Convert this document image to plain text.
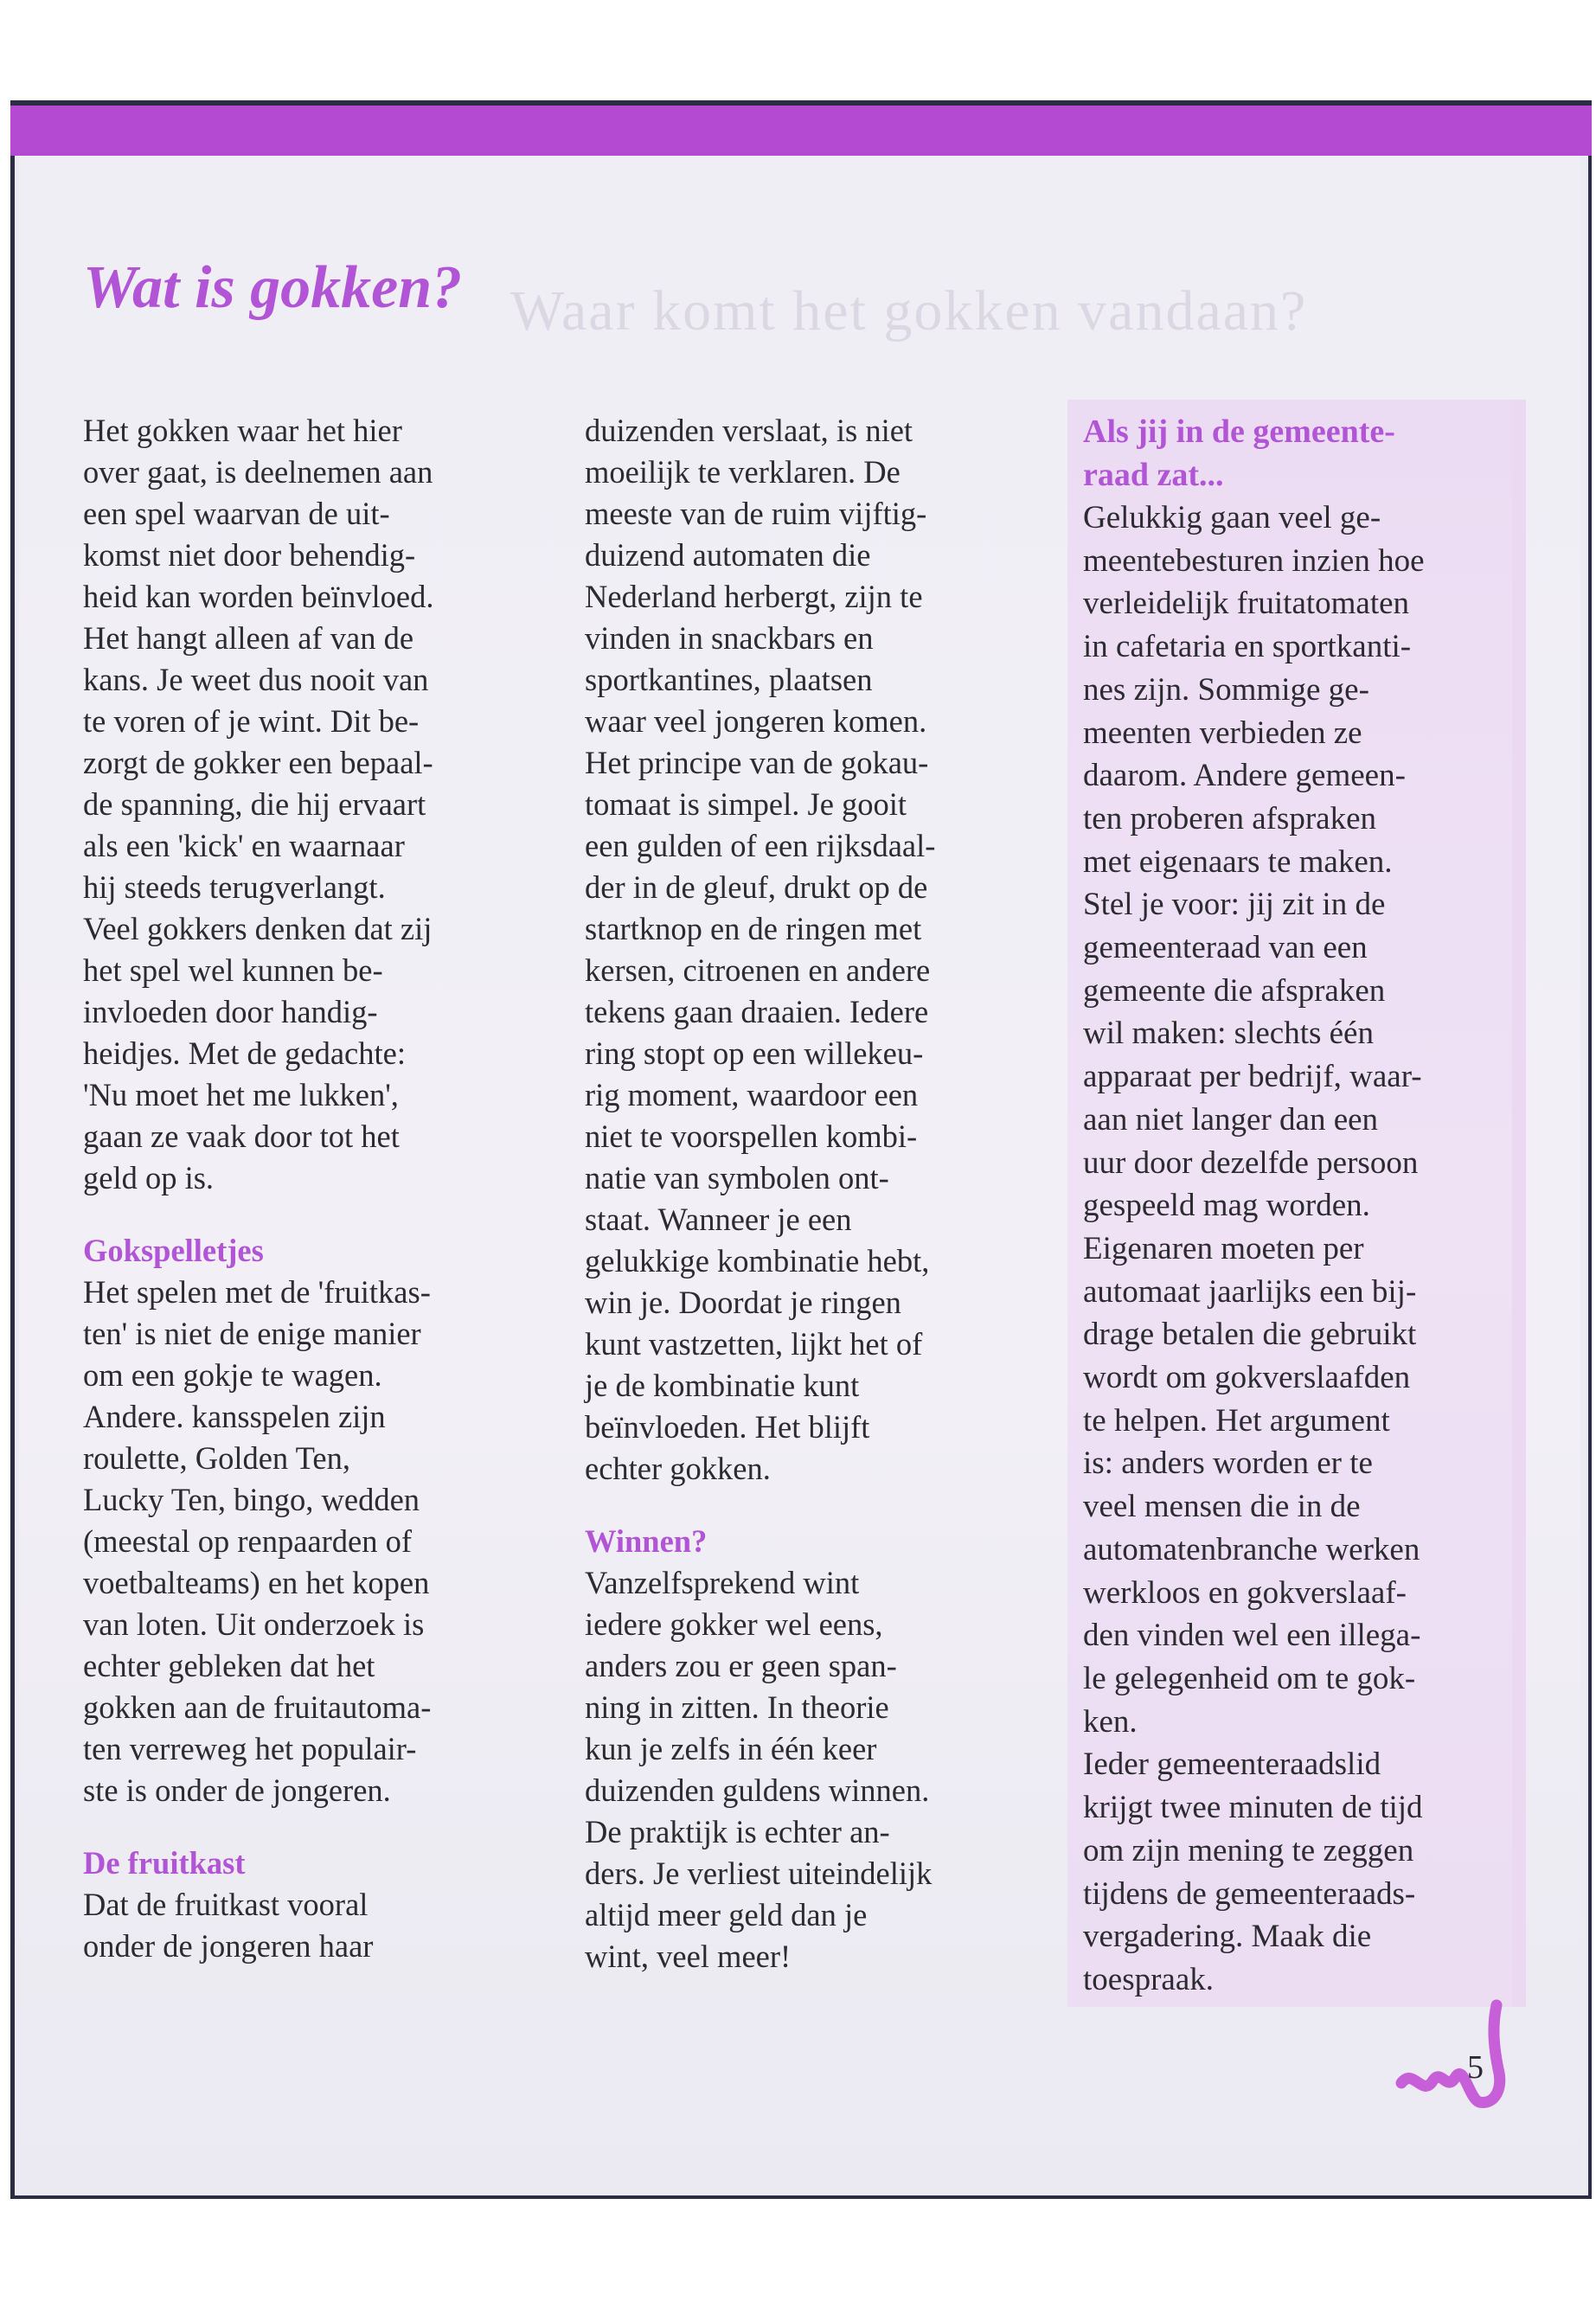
Waar komt het gokken vandaan?
Wat is gokken?

Het gokken waar het hier
over gaat, is deelnemen aan
een spel waarvan de uit-
komst niet door behendig-
heid kan worden beïnvloed.
Het hangt alleen af van de
kans. Je weet dus nooit van
te voren of je wint. Dit be-
zorgt de gokker een bepaal-
de spanning, die hij ervaart
als een 'kick' en waarnaar
hij steeds terugverlangt.
Veel gokkers denken dat zij
het spel wel kunnen be-
invloeden door handig-
heidjes. Met de gedachte:
'Nu moet het me lukken',
gaan ze vaak door tot het
geld op is.

Gokspelletjes

Het spelen met de 'fruitkas-
ten' is niet de enige manier
om een gokje te wagen.
Andere. kansspelen zijn
roulette, Golden Ten,
Lucky Ten, bingo, wedden
(meestal op renpaarden of
voetbalteams) en het kopen
van loten. Uit onderzoek is
echter gebleken dat het
gokken aan de fruitautoma-
ten verreweg het populair-
ste is onder de jongeren.

De fruitkast

Dat de fruitkast vooral
onder de jongeren haar

duizenden verslaat, is niet
moeilijk te verklaren. De
meeste van de ruim vijftig-
duizend automaten die
Nederland herbergt, zijn te
vinden in snackbars en
sportkantines, plaatsen
waar veel jongeren komen.
Het principe van de gokau-
tomaat is simpel. Je gooit
een gulden of een rijksdaal-
der in de gleuf, drukt op de
startknop en de ringen met
kersen, citroenen en andere
tekens gaan draaien. Iedere
ring stopt op een willekeu-
rig moment, waardoor een
niet te voorspellen kombi-
natie van symbolen ont-
staat. Wanneer je een
gelukkige kombinatie hebt,
win je. Doordat je ringen
kunt vastzetten, lijkt het of
je de kombinatie kunt
beïnvloeden. Het blijft
echter gokken.

Winnen?

Vanzelfsprekend wint
iedere gokker wel eens,
anders zou er geen span-
ning in zitten. In theorie
kun je zelfs in één keer
duizenden guldens winnen.
De praktijk is echter an-
ders. Je verliest uiteindelijk
altijd meer geld dan je
wint, veel meer!

Als jij in de gemeente-
raad zat...

Gelukkig gaan veel ge-
meentebesturen inzien hoe
verleidelijk fruitatomaten
in cafetaria en sportkanti-
nes zijn. Sommige ge-
meenten verbieden ze
daarom. Andere gemeen-
ten proberen afspraken
met eigenaars te maken.
Stel je voor: jij zit in de
gemeenteraad van een
gemeente die afspraken
wil maken: slechts één
apparaat per bedrijf, waar-
aan niet langer dan een
uur door dezelfde persoon
gespeeld mag worden.
Eigenaren moeten per
automaat jaarlijks een bij-
drage betalen die gebruikt
wordt om gokverslaafden
te helpen. Het argument
is: anders worden er te
veel mensen die in de
automatenbranche werken
werkloos en gokverslaaf-
den vinden wel een illega-
le gelegenheid om te gok-
ken.
Ieder gemeenteraadslid
krijgt twee minuten de tijd
om zijn mening te zeggen
tijdens de gemeenteraads-
vergadering. Maak die
toespraak.

5
